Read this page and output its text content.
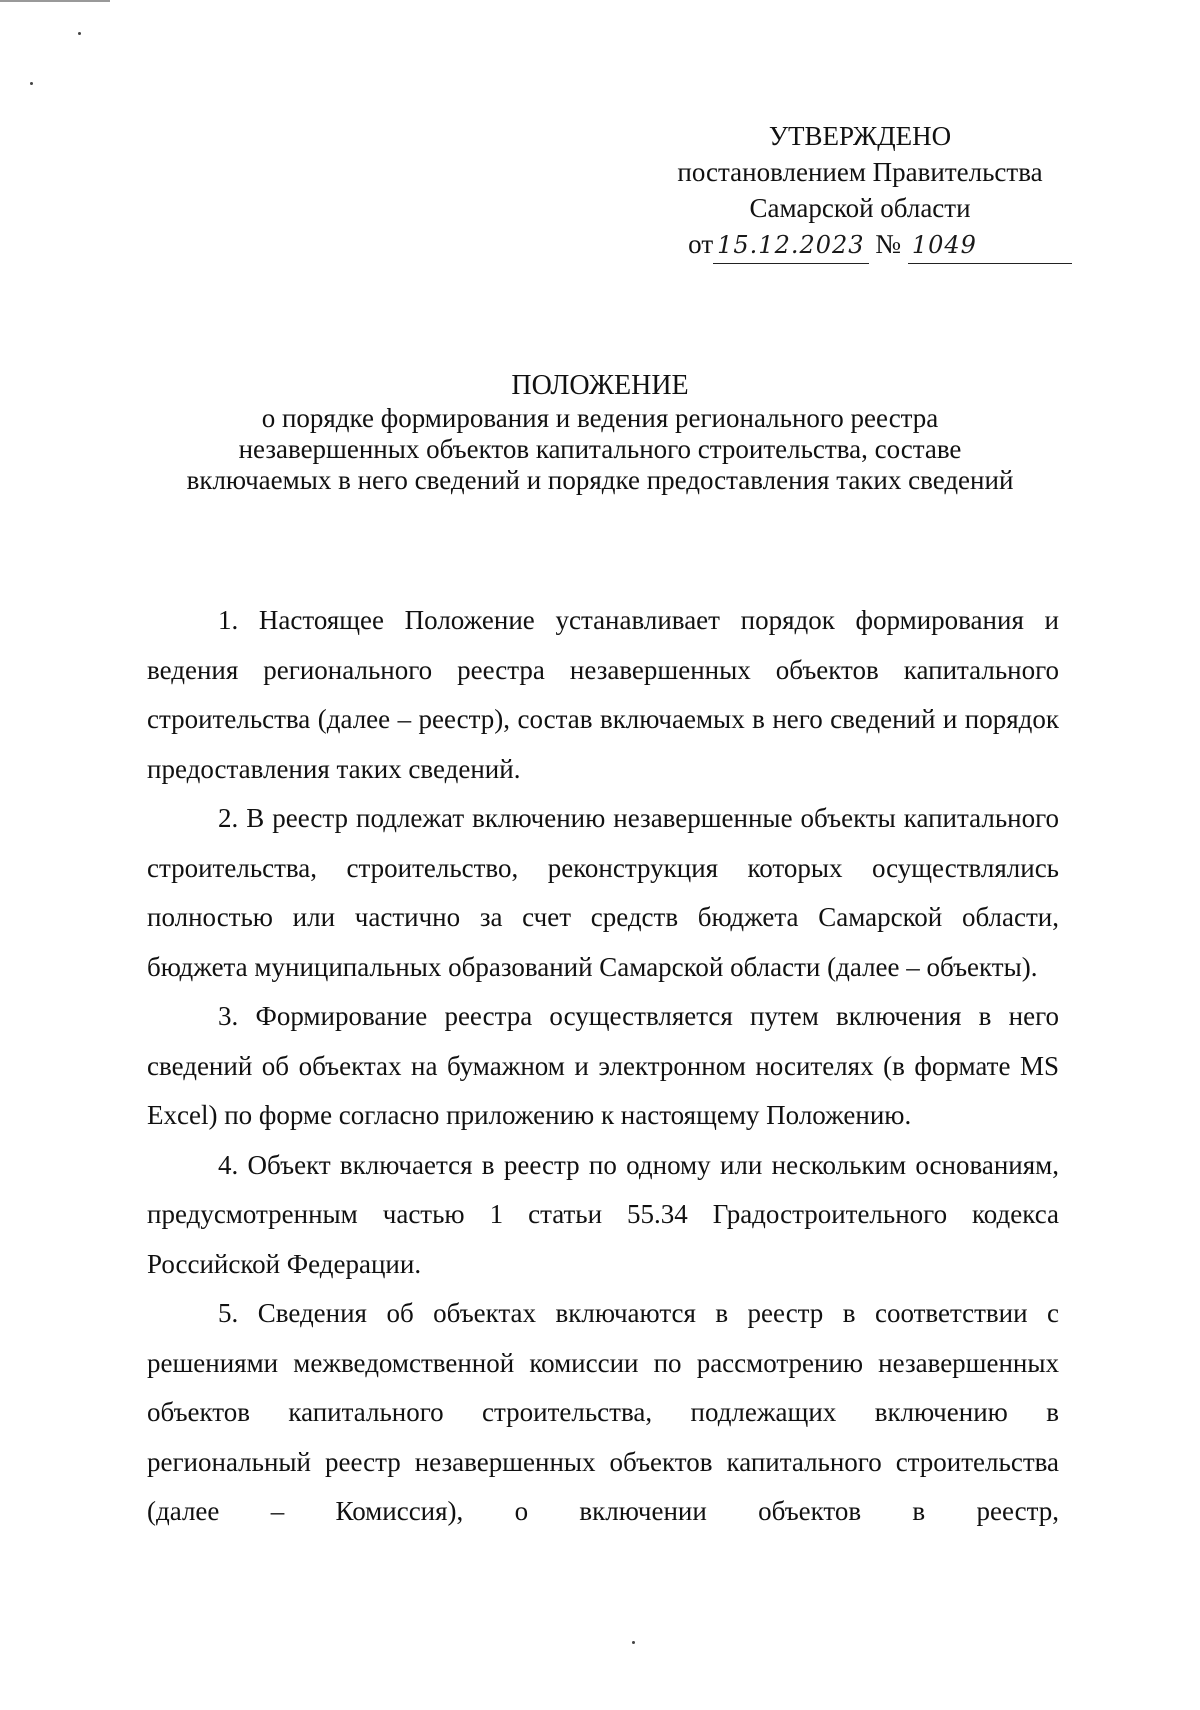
УТВЕРЖДЕНО
постановлением Правительства
Самарской области
от 15.12.2023 № 1049
ПОЛОЖЕНИЕ
о порядке формирования и ведения регионального реестра незавершенных объектов капитального строительства, составе включаемых в него сведений и порядке предоставления таких сведений

1. Настоящее Положение устанавливает порядок формирования и ведения регионального реестра незавершенных объектов капитального строительства (далее – реестр), состав включаемых в него сведений и порядок предоставления таких сведений.

2. В реестр подлежат включению незавершенные объекты капитального строительства, строительство, реконструкция которых осуществлялись полностью или частично за счет средств бюджета Самарской области, бюджета муниципальных образований Самарской области (далее – объекты).

3. Формирование реестра осуществляется путем включения в него сведений об объектах на бумажном и электронном носителях (в формате MS Excel) по форме согласно приложению к настоящему Положению.

4. Объект включается в реестр по одному или нескольким основаниям, предусмотренным частью 1 статьи 55.34 Градостроительного кодекса Российской Федерации.

5. Сведения об объектах включаются в реестр в соответствии с решениями межведомственной комиссии по рассмотрению незавершенных объектов капитального строительства, подлежащих включению в региональный реестр незавершенных объектов капитального строительства (далее – Комиссия), о включении объектов в реестр,
